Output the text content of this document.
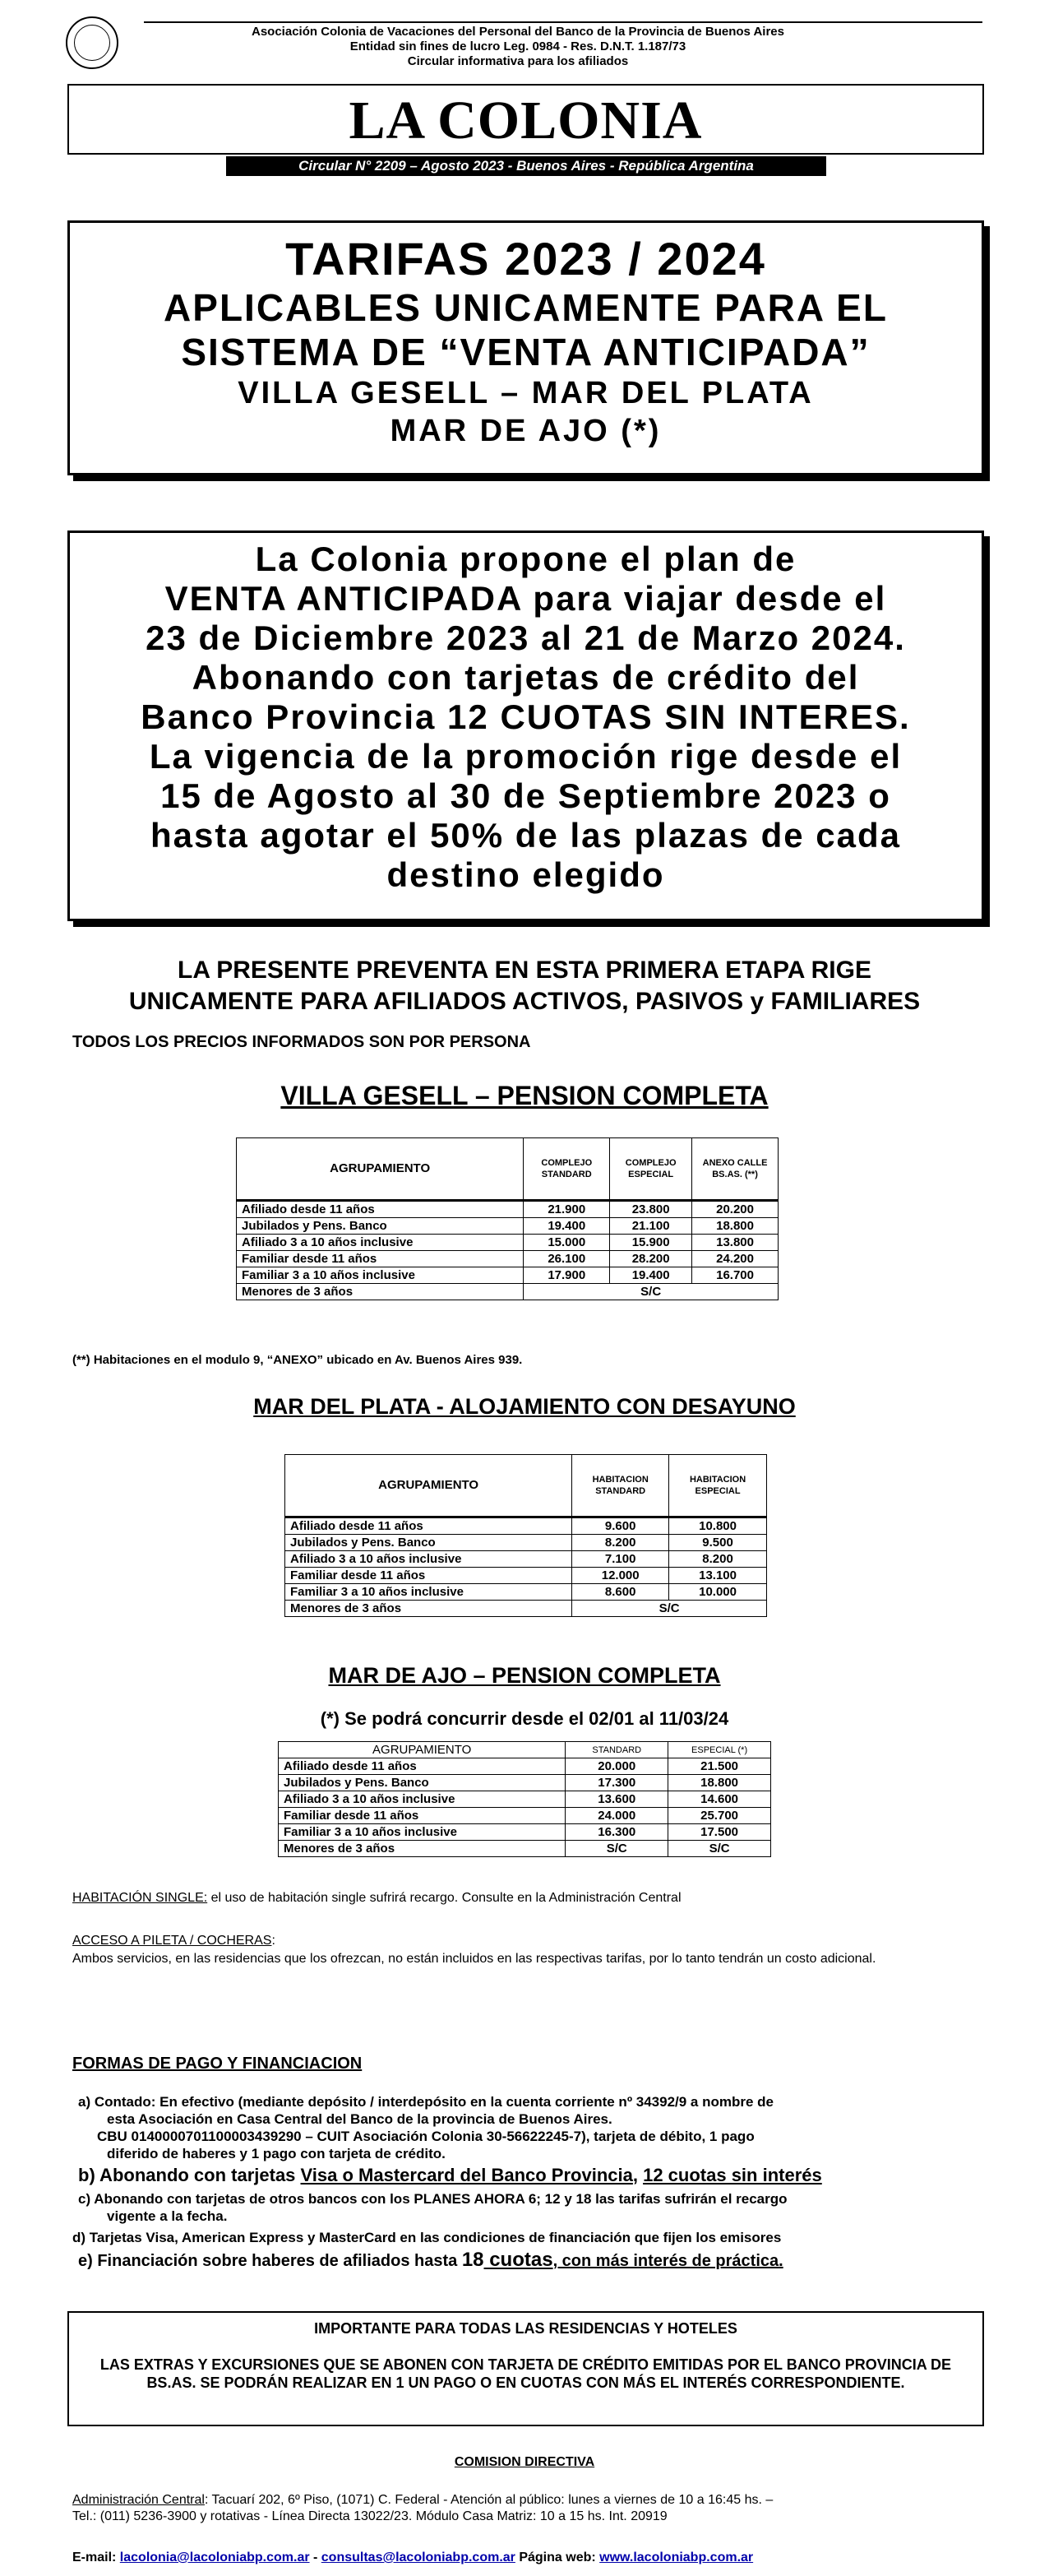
Asociación Colonia de Vacaciones del Personal del Banco de la Provincia de Buenos Aires
Entidad sin fines de lucro Leg. 0984 - Res. D.N.T. 1.187/73
Circular informativa para los afiliados
LA COLONIA
Circular N° 2209 – Agosto 2023 - Buenos Aires - República Argentina
TARIFAS 2023 / 2024
APLICABLES UNICAMENTE PARA EL
SISTEMA DE “VENTA ANTICIPADA”
VILLA GESELL – MAR DEL PLATA
MAR DE AJO (*)
La Colonia propone el plan de
VENTA ANTICIPADA para viajar desde el
23 de Diciembre 2023 al 21 de Marzo 2024.
Abonando con tarjetas de crédito del
Banco Provincia 12 CUOTAS SIN INTERES.
La vigencia de la promoción rige desde el
15 de Agosto al 30 de Septiembre 2023 o
hasta agotar el 50% de las plazas de cada
destino elegido
LA PRESENTE PREVENTA EN ESTA PRIMERA ETAPA RIGE
UNICAMENTE PARA AFILIADOS ACTIVOS, PASIVOS y FAMILIARES
TODOS LOS PRECIOS INFORMADOS SON POR PERSONA
VILLA GESELL – PENSION COMPLETA
AGRUPAMIENTO	COMPLEJO STANDARD	COMPLEJO ESPECIAL	ANEXO CALLE BS.AS. (**)
Afiliado desde 11 años	21.900	23.800	20.200
Jubilados y Pens. Banco	19.400	21.100	18.800
Afiliado 3 a 10 años inclusive	15.000	15.900	13.800
Familiar desde 11 años	26.100	28.200	24.200
Familiar 3 a 10 años inclusive	17.900	19.400	16.700
Menores de 3 años	S/C		
(**) Habitaciones en el modulo 9, “ANEXO” ubicado en Av. Buenos Aires 939.
MAR DEL PLATA - ALOJAMIENTO CON DESAYUNO
AGRUPAMIENTO	HABITACION STANDARD	HABITACION ESPECIAL
Afiliado desde 11 años	9.600	10.800
Jubilados y Pens. Banco	8.200	9.500
Afiliado 3 a 10 años inclusive	7.100	8.200
Familiar desde 11 años	12.000	13.100
Familiar 3 a 10 años inclusive	8.600	10.000
Menores de 3 años	S/C	
MAR DE AJO – PENSION COMPLETA
(*) Se podrá concurrir desde el 02/01 al 11/03/24
AGRUPAMIENTO	STANDARD	ESPECIAL (*)
Afiliado desde 11 años	20.000	21.500
Jubilados y Pens. Banco	17.300	18.800
Afiliado 3 a 10 años inclusive	13.600	14.600
Familiar desde 11 años	24.000	25.700
Familiar 3 a 10 años inclusive	16.300	17.500
Menores de 3 años	S/C	S/C
HABITACIÓN SINGLE: el uso de habitación single sufrirá recargo. Consulte en la Administración Central
ACCESO A PILETA / COCHERAS:
Ambos servicios, en las residencias que los ofrezcan, no están incluidos en las respectivas tarifas, por lo tanto tendrán un costo adicional.
FORMAS DE PAGO Y FINANCIACION
a) Contado: En efectivo (mediante depósito / interdepósito en la cuenta corriente nº 34392/9 a nombre de
esta Asociación en Casa Central del Banco de la provincia de Buenos Aires.
CBU 0140000701100003439290 – CUIT Asociación Colonia 30-56622245-7), tarjeta de débito, 1 pago
diferido de haberes y 1 pago con tarjeta de crédito.
b) Abonando con tarjetas Visa o Mastercard del Banco Provincia, 12 cuotas sin interés
c) Abonando con tarjetas de otros bancos con los PLANES AHORA 6; 12 y 18 las tarifas sufrirán el recargo
vigente a la fecha.
d) Tarjetas Visa, American Express y MasterCard en las condiciones de financiación que fijen los emisores
e) Financiación sobre haberes de afiliados hasta 18 cuotas, con más interés de práctica.
IMPORTANTE PARA TODAS LAS RESIDENCIAS Y HOTELES
LAS EXTRAS Y EXCURSIONES QUE SE ABONEN CON TARJETA DE CRÉDITO EMITIDAS POR EL BANCO PROVINCIA DE BS.AS. SE PODRÁN REALIZAR EN 1 UN PAGO O EN CUOTAS CON MÁS EL INTERÉS CORRESPONDIENTE.
COMISION DIRECTIVA
Administración Central: Tacuarí 202, 6º Piso, (1071) C. Federal - Atención al público: lunes a viernes de 10 a 16:45 hs. –
Tel.: (011) 5236-3900 y rotativas - Línea Directa 13022/23. Módulo Casa Matriz: 10 a 15 hs. Int. 20919
E-mail: lacolonia@lacoloniabp.com.ar - consultas@lacoloniabp.com.ar Página web: www.lacoloniabp.com.ar
